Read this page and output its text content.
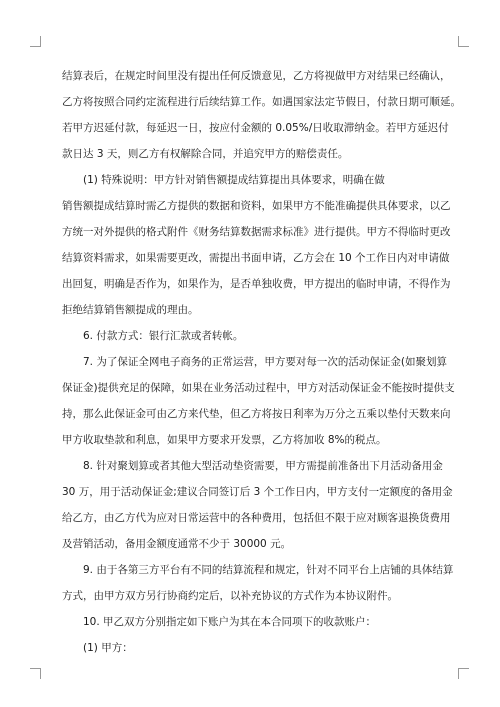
结算表后，在规定时间里没有提出任何反馈意见，乙方将视做甲方对结果已经确认，
乙方将按照合同约定流程进行后续结算工作。如遇国家法定节假日，付款日期可顺延。
若甲方迟延付款，每延迟一日，按应付金额的 0.05%/日收取滞纳金。若甲方延迟付
款日达 3 天，则乙方有权解除合同，并追究甲方的赔偿责任。
(1) 特殊说明：甲方针对销售额提成结算提出具体要求，明确在做
销售额提成结算时需乙方提供的数据和资料，如果甲方不能准确提供具体要求，以乙
方统一对外提供的格式附件《财务结算数据需求标准》进行提供。甲方不得临时更改
结算资料需求，如果需要更改，需提出书面申请，乙方会在 10 个工作日内对申请做
出回复，明确是否作为，如果作为，是否单独收费，甲方提出的临时申请，不得作为
拒绝结算销售额提成的理由。
6. 付款方式：银行汇款或者转帐。
7. 为了保证全网电子商务的正常运营，甲方要对每一次的活动保证金(如聚划算
保证金)提供充足的保障，如果在业务活动过程中，甲方对活动保证金不能按时提供支
持，那么此保证金可由乙方来代垫，但乙方将按日利率为万分之五乘以垫付天数来向
甲方收取垫款和利息，如果甲方要求开发票，乙方将加收 8%的税点。
8. 针对聚划算或者其他大型活动垫资需要，甲方需提前准备出下月活动备用金
30 万，用于活动保证金;建议合同签订后 3 个工作日内，甲方支付一定额度的备用金
给乙方，由乙方代为应对日常运营中的各种费用，包括但不限于应对顾客退换货费用
及营销活动，备用金额度通常不少于 30000 元。
9. 由于各第三方平台有不同的结算流程和规定，针对不同平台上店铺的具体结算
方式，由甲方双方另行协商约定后，以补充协议的方式作为本协议附件。
10. 甲乙双方分别指定如下账户为其在本合同项下的收款账户：
(1) 甲方：
